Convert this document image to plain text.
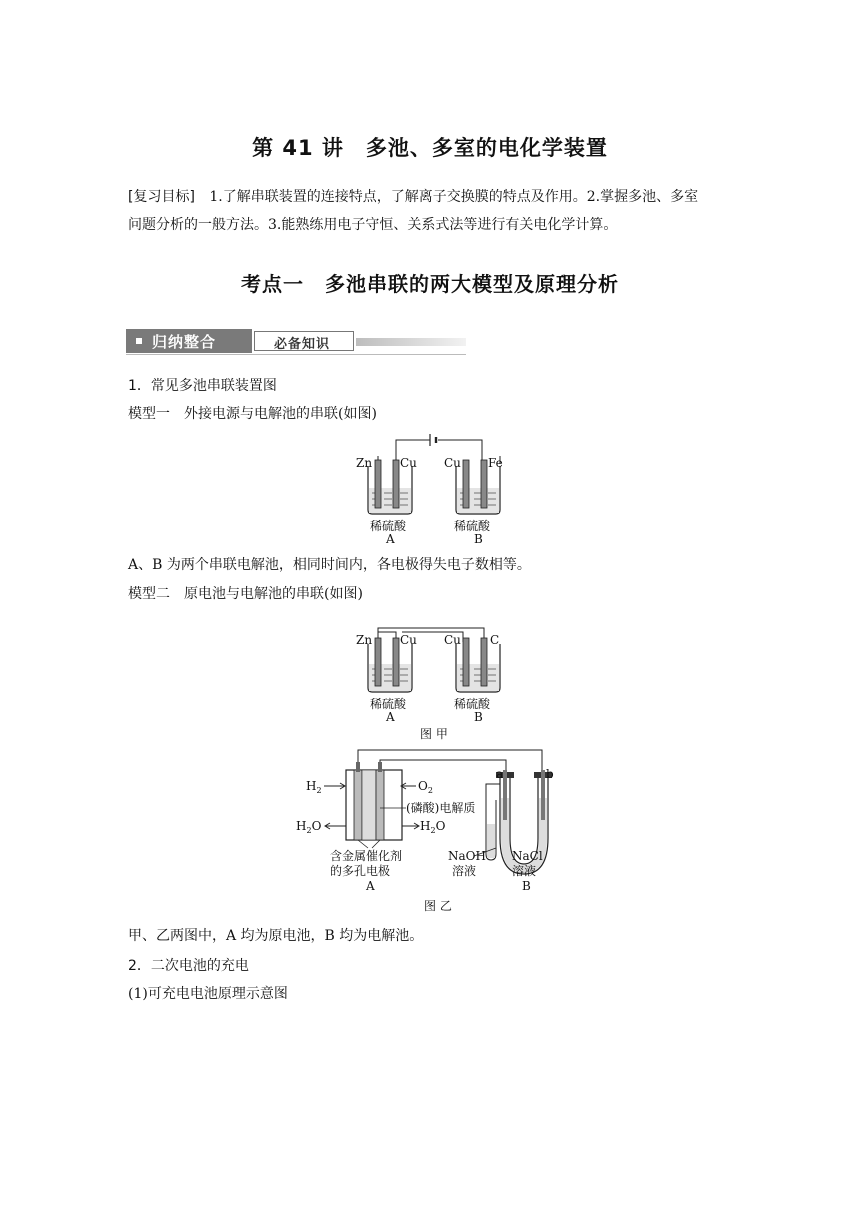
第 41 讲　多池、多室的电化学装置
[复习目标] 1.了解串联装置的连接特点，了解离子交换膜的特点及作用。2.掌握多池、多室
问题分析的一般方法。3.能熟练用电子守恒、关系式法等进行有关电化学计算。
考点一　多池串联的两大模型及原理分析
归纳整合	必备知识
1．常见多池串联装置图
模型一　外接电源与电解池的串联(如图)
Zn Cu Cu Fe
稀硫酸
A
稀硫酸
B
A、B 为两个串联电解池，相同时间内，各电极得失电子数相等。
模型二　原电池与电解池的串联(如图)
Zn Cu Cu C
稀硫酸
A
稀硫酸
B
图 甲
$H_2$	$O_2$
$H_2O$	$H_2O$
(磷酸)电解质
含金属催化剂
的多孔电极
A
a	b
NaOH
溶液
NaCl
溶液
B
图 乙
甲、乙两图中，A 均为原电池，B 均为电解池。
2．二次电池的充电
(1)可充电电池原理示意图
